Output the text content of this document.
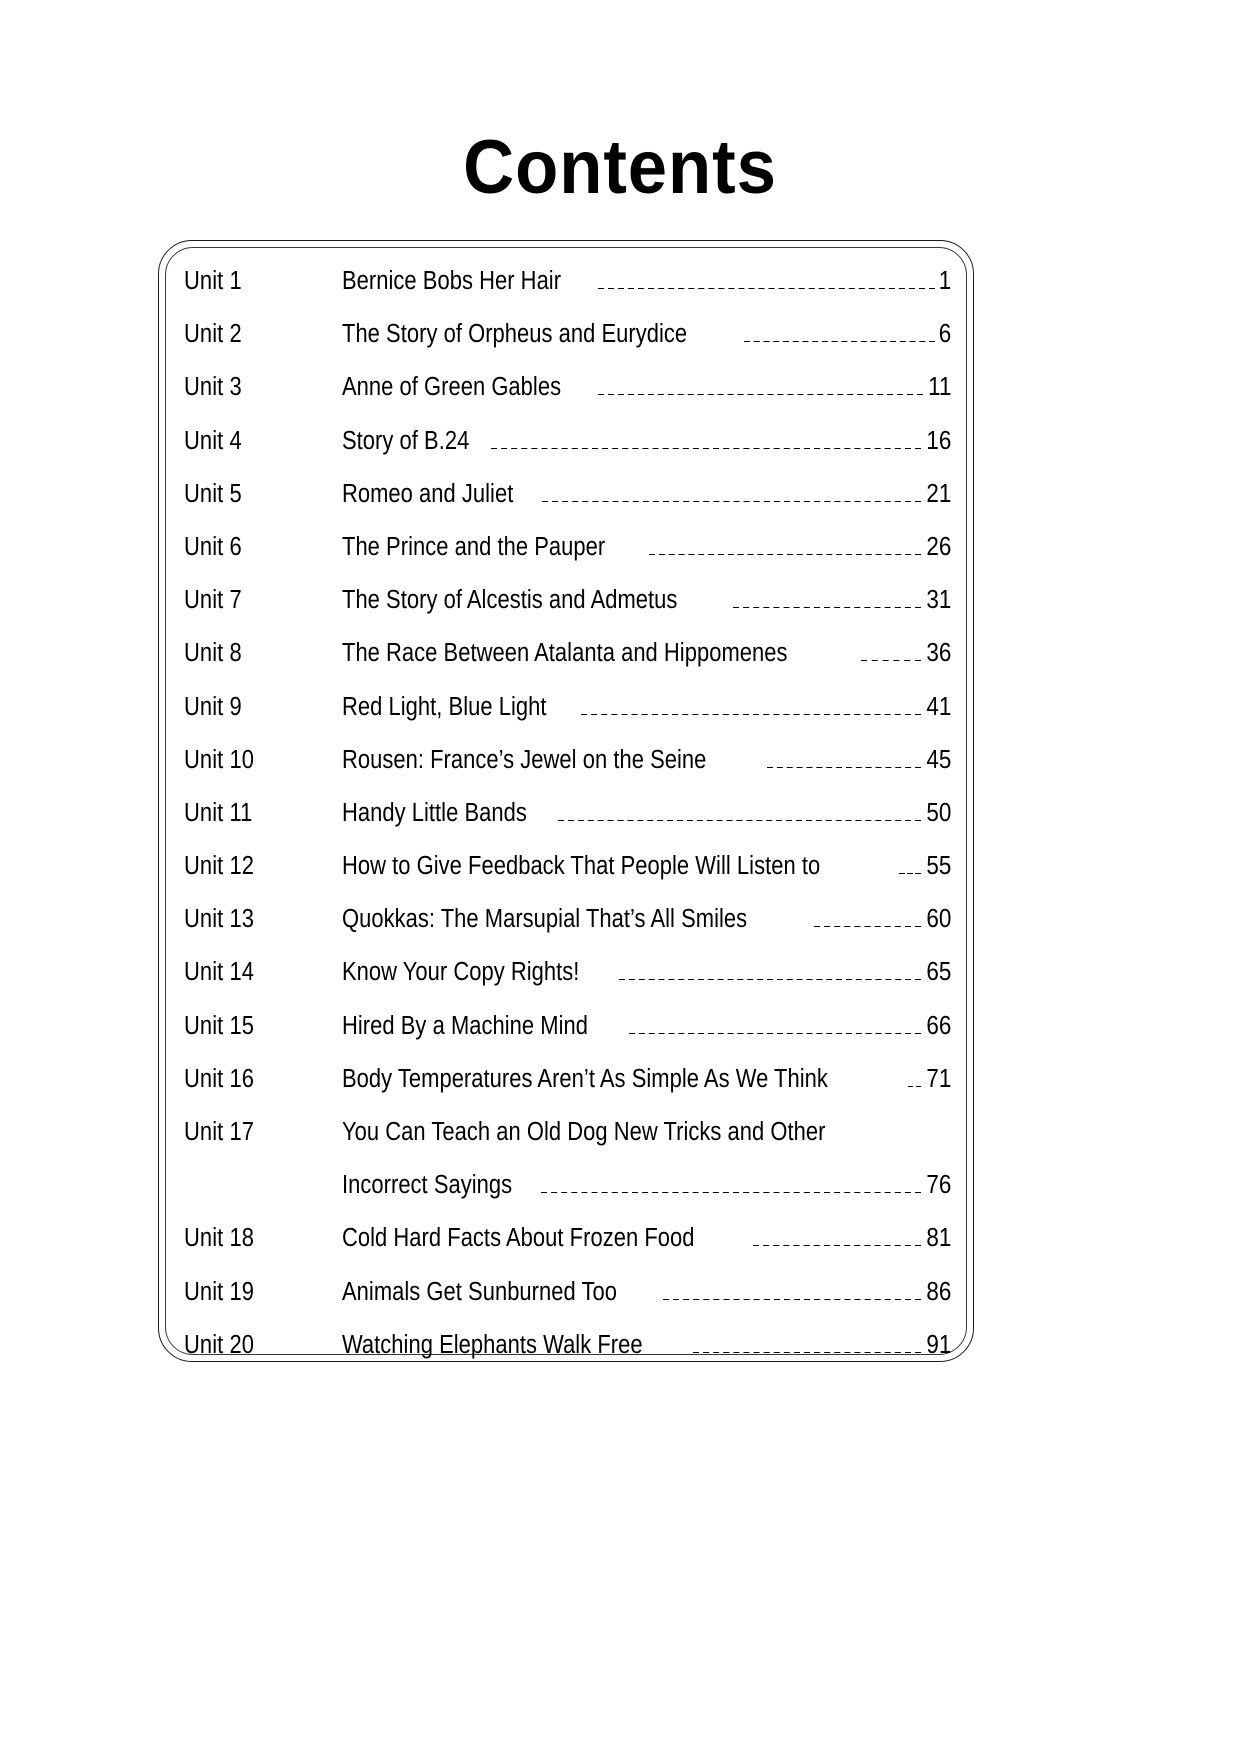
Contents
Unit 1	Bernice Bobs Her Hair	1
Unit 2	The Story of Orpheus and Eurydice	6
Unit 3	Anne of Green Gables	11
Unit 4	Story of B.24	16
Unit 5	Romeo and Juliet	21
Unit 6	The Prince and the Pauper	26
Unit 7	The Story of Alcestis and Admetus	31
Unit 8	The Race Between Atalanta and Hippomenes	36
Unit 9	Red Light, Blue Light	41
Unit 10	Rousen: France’s Jewel on the Seine	45
Unit 11	Handy Little Bands	50
Unit 12	How to Give Feedback That People Will Listen to	55
Unit 13	Quokkas: The Marsupial That’s All Smiles	60
Unit 14	Know Your Copy Rights!	65
Unit 15	Hired By a Machine Mind	66
Unit 16	Body Temperatures Aren’t As Simple As We Think	71
Unit 17	You Can Teach an Old Dog New Tricks and Other
Incorrect Sayings	76
Unit 18	Cold Hard Facts About Frozen Food	81
Unit 19	Animals Get Sunburned Too	86
Unit 20	Watching Elephants Walk Free	91
